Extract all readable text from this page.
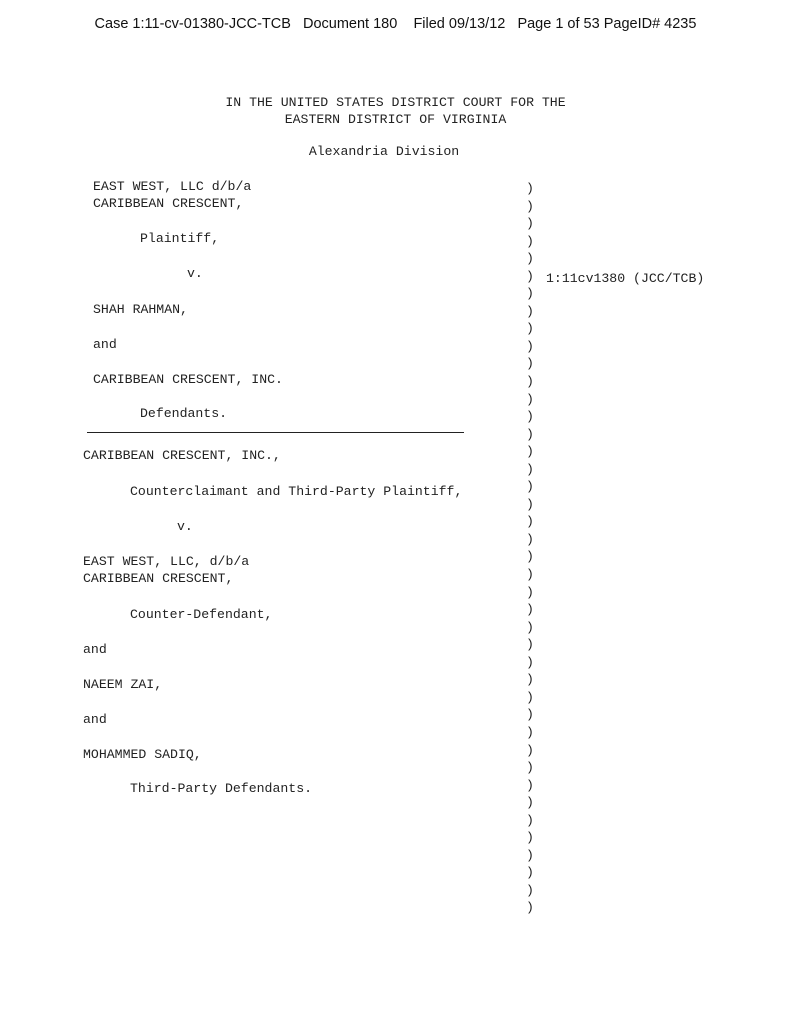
Case 1:11-cv-01380-JCC-TCB Document 180 Filed 09/13/12 Page 1 of 53 PageID# 4235
IN THE UNITED STATES DISTRICT COURT FOR THE
EASTERN DISTRICT OF VIRGINIA
Alexandria Division
EAST WEST, LLC d/b/a
CARIBBEAN CRESCENT,
Plaintiff,
v.
SHAH RAHMAN,
and
CARIBBEAN CRESCENT, INC.
Defendants.
CARIBBEAN CRESCENT, INC.,
Counterclaimant and Third-Party Plaintiff,
v.
EAST WEST, LLC, d/b/a
CARIBBEAN CRESCENT,
Counter-Defendant,
and
NAEEM ZAI,
and
MOHAMMED SADIQ,
Third-Party Defendants.
)
)
)
)
)
)
)
)
)
)
)
)
)
)
)
)
)
)
)
)
)
)
)
)
)
)
)
)
)
)
)
)
)
)
)
)
)
)
)
)
)
)
1:11cv1380 (JCC/TCB)
